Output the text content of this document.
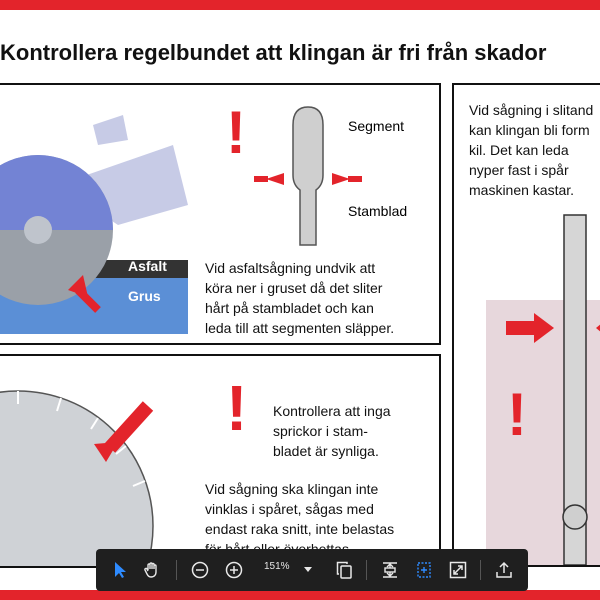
Kontrollera regelbundet att klingan är fri från skador
Asfalt
Grus
!	Segment
Stamblad
Vid asfaltsågning undvik att
köra ner i gruset då det sliter
hårt på stambladet och kan
leda till att segmenten släpper.
! Kontrollera att inga
sprickor i stam-
bladet är synliga.
Vid sågning ska klingan inte
vinklas i spåret, sågas med
endast raka snitt, inte belastas
Vid sågning i slitand
kan klingan bli form
kil. Det kan leda
nyper fast i spår
maskinen kastar.
!
151%
